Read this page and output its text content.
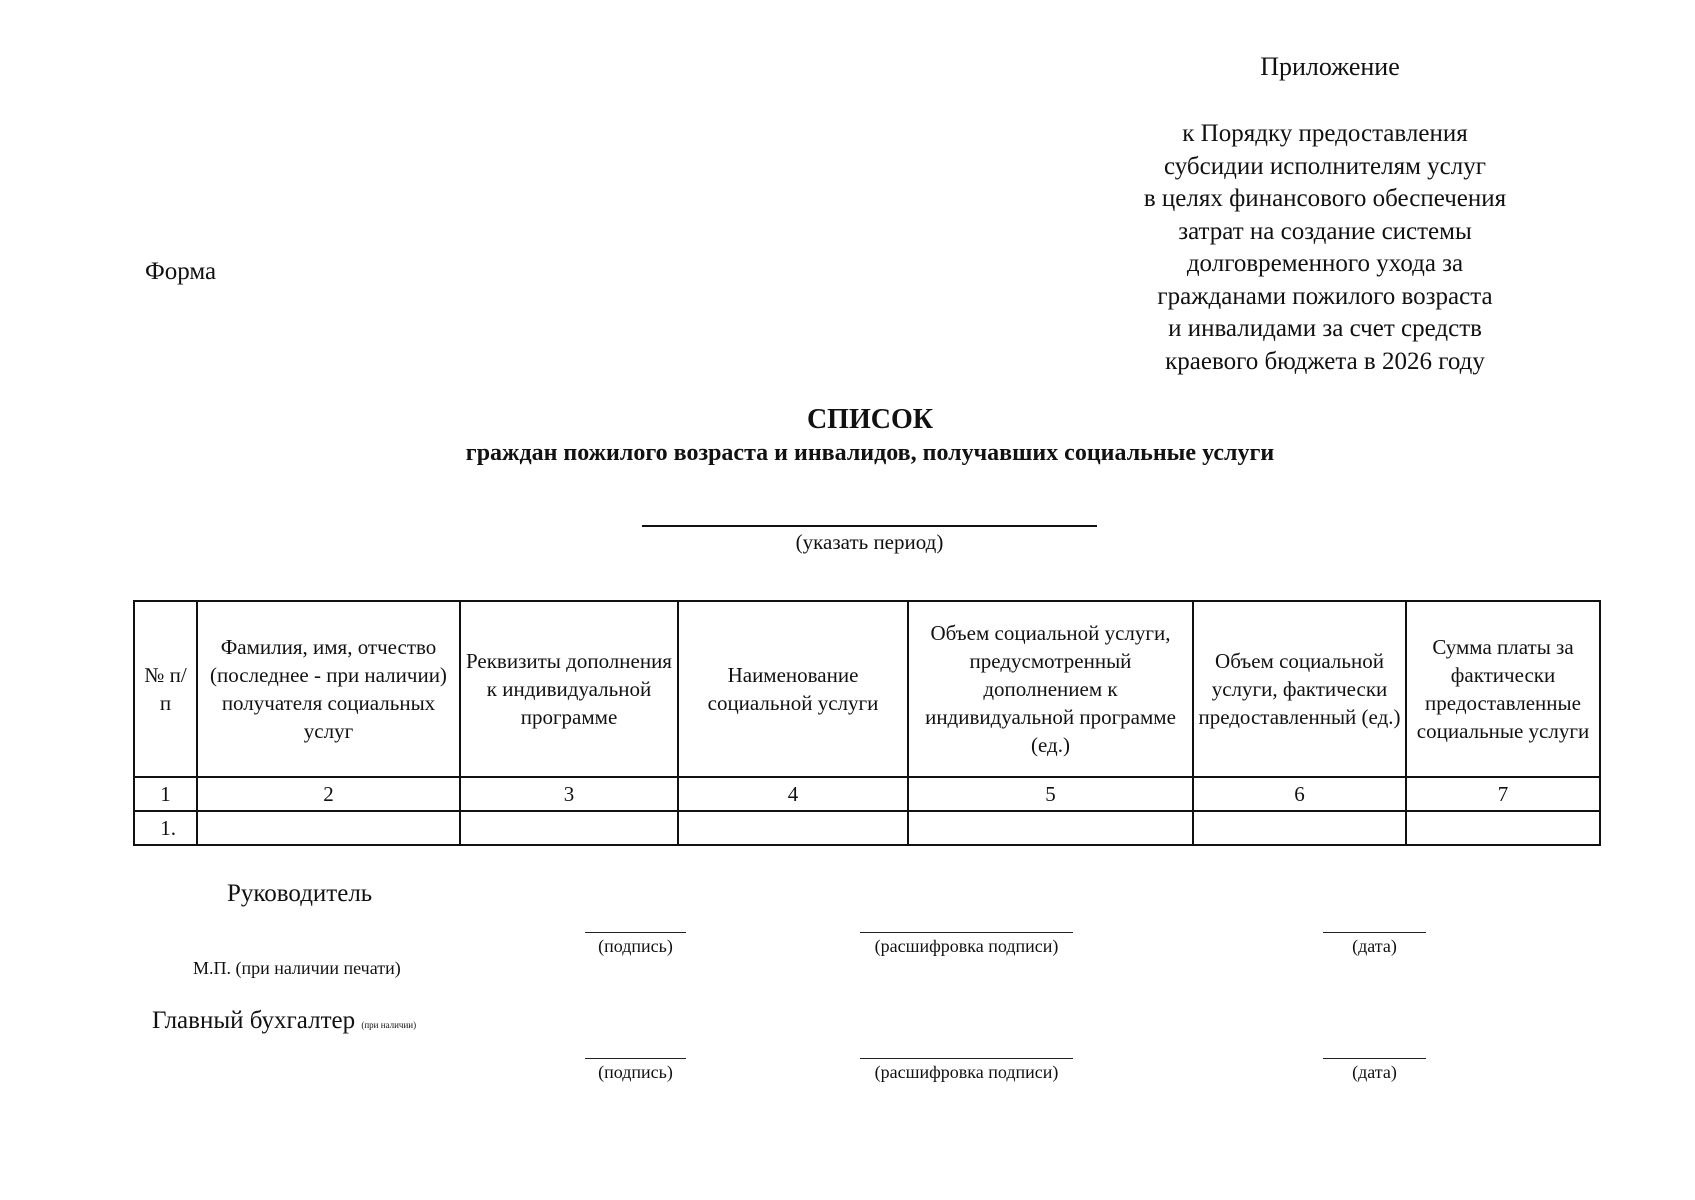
Приложение
к Порядку предоставления
субсидии исполнителям услуг
в целях финансового обеспечения
затрат на создание системы
долговременного ухода за
гражданами пожилого возраста
и инвалидами за счет средств
краевого бюджета в 2026 году
Форма
СПИСОК
граждан пожилого возраста и инвалидов, получавших социальные услуги
(указать период)
№ п/п	Фамилия, имя, отчество (последнее - при наличии) получателя социальных услуг	Реквизиты дополнения к индивидуальной программе	Наименование социальной услуги	Объем социальной услуги, предусмотренный дополнением к индивидуальной программе (ед.)	Объем социальной услуги, фактически предоставленный (ед.)	Сумма платы за фактически предоставленные социальные услуги
1	2	3	4	5	6	7
1.						
Руководитель
(подпись)	(расшифровка подписи)	(дата)
М.П. (при наличии печати)
Главный бухгалтер (при наличии)
(подпись)	(расшифровка подписи)	(дата)
